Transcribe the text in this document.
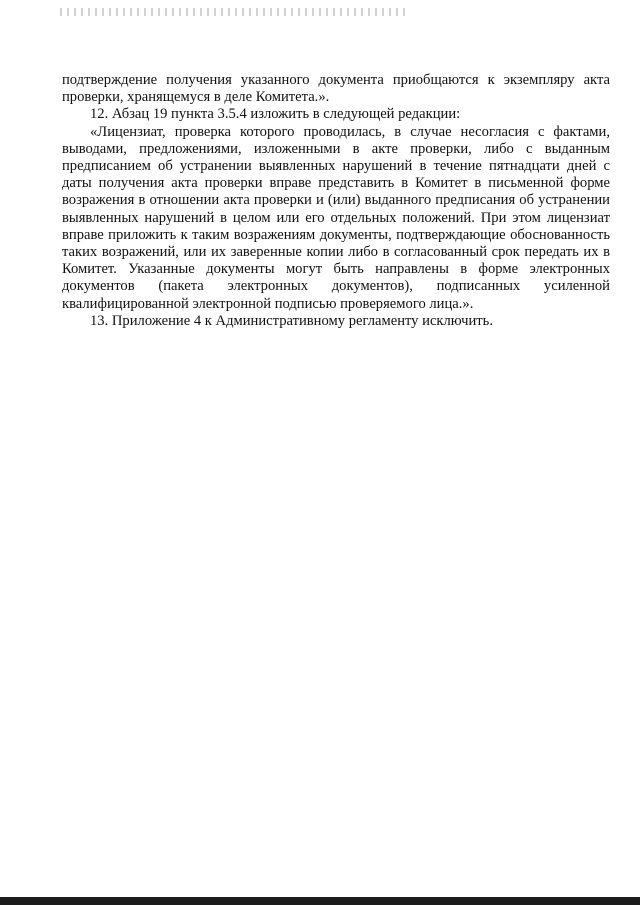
подтверждение получения указанного документа приобщаются к экземпляру акта проверки, хранящемуся в деле Комитета.».

12. Абзац 19 пункта 3.5.4 изложить в следующей редакции:

«Лицензиат, проверка которого проводилась, в случае несогласия с фактами, выводами, предложениями, изложенными в акте проверки, либо с выданным предписанием об устранении выявленных нарушений в течение пятнадцати дней с даты получения акта проверки вправе представить в Комитет в письменной форме возражения в отношении акта проверки и (или) выданного предписания об устранении выявленных нарушений в целом или его отдельных положений. При этом лицензиат вправе приложить к таким возражениям документы, подтверждающие обоснованность таких возражений, или их заверенные копии либо в согласованный срок передать их в Комитет. Указанные документы могут быть направлены в форме электронных документов (пакета электронных документов), подписанных усиленной квалифицированной электронной подписью проверяемого лица.».

13. Приложение 4 к Административному регламенту исключить.
